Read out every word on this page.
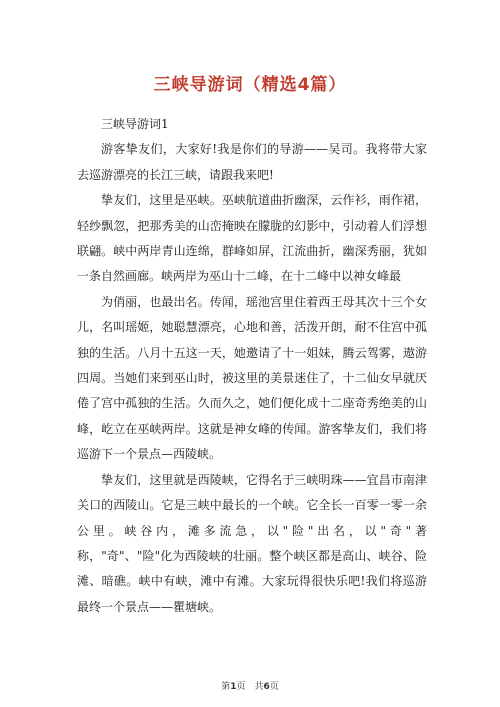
三峡导游词（精选4篇）

三峡导游词1

游客挚友们，大家好!我是你们的导游——吴司。我将带大家去巡游漂亮的长江三峡，请跟我来吧!

挚友们，这里是巫峡。巫峡航道曲折幽深，云作衫，雨作裙，轻纱飘忽，把那秀美的山峦掩映在朦胧的幻影中，引动着人们浮想联翩。峡中两岸青山连绵，群峰如屏，江流曲折，幽深秀丽，犹如一条自然画廊。峡两岸为巫山十二峰，在十二峰中以神女峰最

为俏丽，也最出名。传闻，瑶池宫里住着西王母其次十三个女儿，名叫瑶姬，她聪慧漂亮，心地和善，活泼开朗，耐不住宫中孤独的生活。八月十五这一天，她邀请了十一姐妹，腾云驾雾，遨游四周。当她们来到巫山时，被这里的美景迷住了，十二仙女早就厌倦了宫中孤独的生活。久而久之，她们便化成十二座奇秀绝美的山峰，屹立在巫峡两岸。这就是神女峰的传闻。游客挚友们，我们将巡游下一个景点—西陵峡。

挚友们，这里就是西陵峡，它得名于三峡明珠——宜昌市南津关口的西陵山。它是三峡中最长的一个峡。它全长一百零一零一余公里。峡谷内，滩多流急，以"险"出名，以"奇"著称，"奇"、"险"化为西陵峡的壮丽。整个峡区都是高山、峡谷、险滩、暗礁。峡中有峡，滩中有滩。大家玩得很快乐吧!我们将巡游最终一个景点——瞿塘峡。

第1页　共6页
